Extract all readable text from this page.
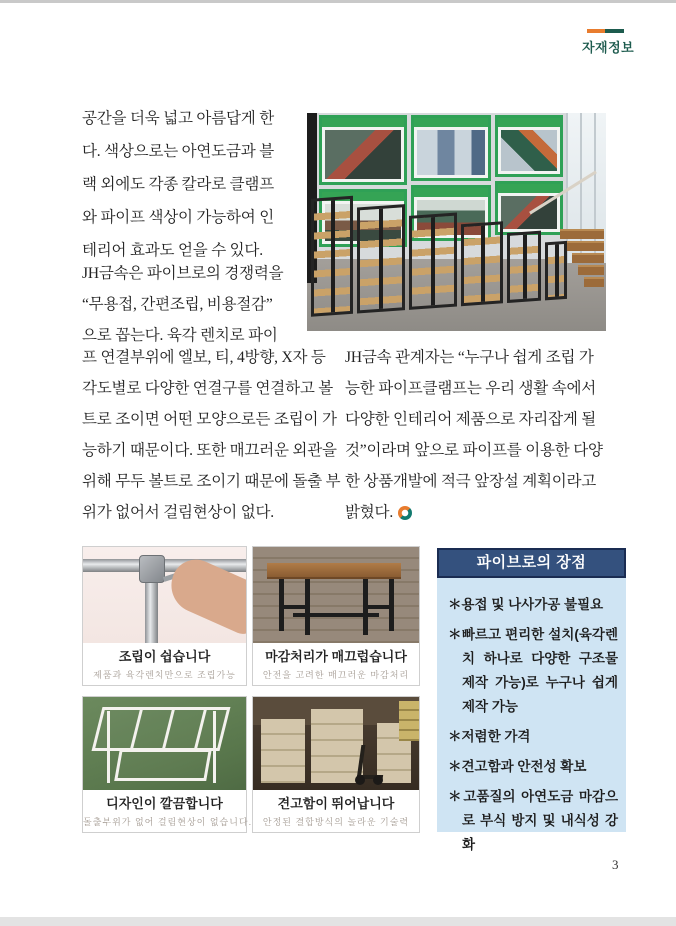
자재정보
공간을 더욱 넓고 아름답게 한
다. 색상으로는 아연도금과 블
랙 외에도 각종 칼라로 클램프
와 파이프 색상이 가능하여 인
테리어 효과도 얻을 수 있다.
JH금속은 파이브로의 경쟁력을
“무용접, 간편조립, 비용절감”
으로 꼽는다. 육각 렌치로 파이
프 연결부위에 엘보, 티, 4방향, X자 등
각도별로 다양한 연결구를 연결하고 볼
트로 조이면 어떤 모양으로든 조립이 가
능하기 때문이다. 또한 매끄러운 외관을
위해 무두 볼트로 조이기 때문에 돌출 부
위가 없어서 걸림현상이 없다.
JH금속 관계자는 “누구나 쉽게 조립 가
능한 파이프클램프는 우리 생활 속에서
다양한 인테리어 제품으로 자리잡게 될
것”이라며 앞으로 파이프를 이용한 다양
한 상품개발에 적극 앞장설 계획이라고
밝혔다.
조립이 쉽습니다
제품과 육각렌치만으로 조립가능
마감처리가 매끄럽습니다
안전을 고려한 매끄러운 마감처리
디자인이 깔끔합니다
돌출부위가 없어 걸림현상이 없습니다.
견고함이 뛰어납니다
안정된 결합방식의 놀라운 기술력
파이브로의 장점
＊용접 및 나사가공 불필요
＊빠르고 편리한 설치(육각렌치 하나로 다양한 구조물 제작 가능)로 누구나 쉽게 제작 가능
＊저렴한 가격
＊견고함과 안전성 확보
＊고품질의 아연도금 마감으로 부식 방지 및 내식성 강화
3
